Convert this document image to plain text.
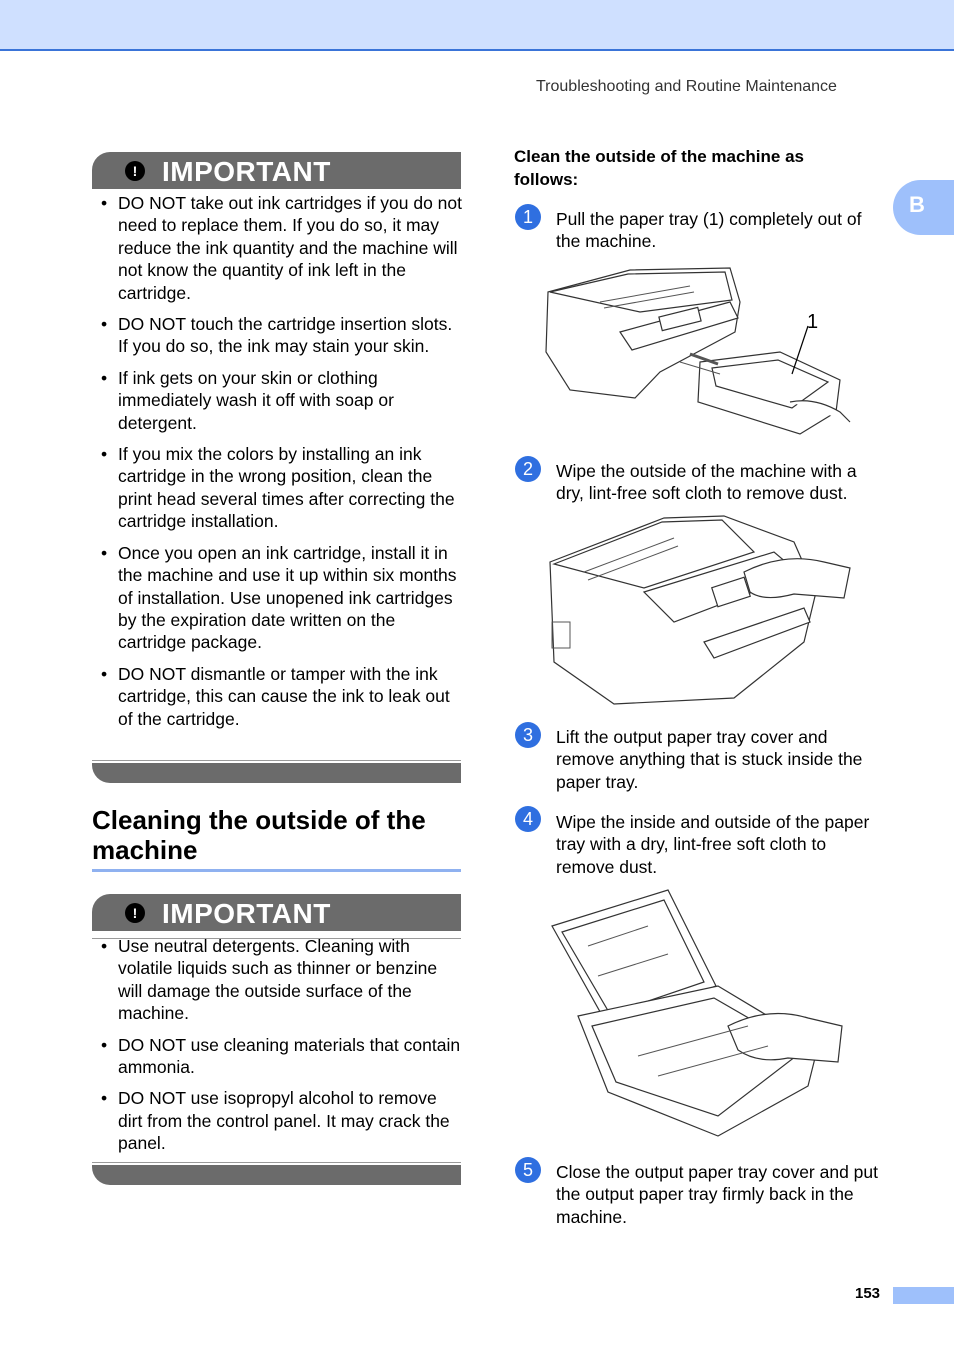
Troubleshooting and Routine Maintenance
B
! IMPORTANT
• DO NOT take out ink cartridges if you do not need to replace them. If you do so, it may reduce the ink quantity and the machine will not know the quantity of ink left in the cartridge.
• DO NOT touch the cartridge insertion slots. If you do so, the ink may stain your skin.
• If ink gets on your skin or clothing immediately wash it off with soap or detergent.
• If you mix the colors by installing an ink cartridge in the wrong position, clean the print head several times after correcting the cartridge installation.
• Once you open an ink cartridge, install it in the machine and use it up within six months of installation. Use unopened ink cartridges by the expiration date written on the cartridge package.
• DO NOT dismantle or tamper with the ink cartridge, this can cause the ink to leak out of the cartridge.
Cleaning the outside of the machine
! IMPORTANT
• Use neutral detergents. Cleaning with volatile liquids such as thinner or benzine will damage the outside surface of the machine.
• DO NOT use cleaning materials that contain ammonia.
• DO NOT use isopropyl alcohol to remove dirt from the control panel. It may crack the panel.
Clean the outside of the machine as follows:
1	Pull the paper tray (1) completely out of the machine.
1
2	Wipe the outside of the machine with a dry, lint-free soft cloth to remove dust.
3	Lift the output paper tray cover and remove anything that is stuck inside the paper tray.
4	Wipe the inside and outside of the paper tray with a dry, lint-free soft cloth to remove dust.
5	Close the output paper tray cover and put the output paper tray firmly back in the machine.
153
